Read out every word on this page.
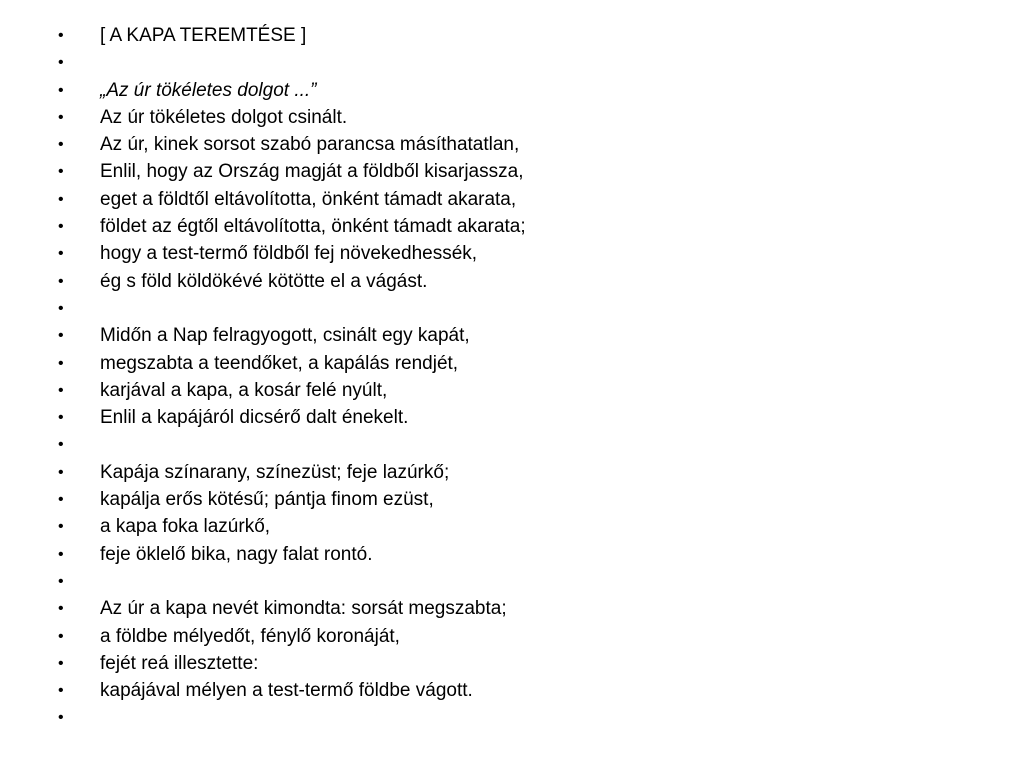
•	[ A KAPA TEREMTÉSE ]
•
•	„Az úr tökéletes dolgot ...”
•	Az úr tökéletes dolgot csinált.
•	Az úr, kinek sorsot szabó parancsa másíthatatlan,
•	Enlil, hogy az Ország magját a földből kisarjassza,
•	eget a földtől eltávolította, önként támadt akarata,
•	földet az égtől eltávolította, önként támadt akarata;
•	hogy a test-termő földből fej növekedhessék,
•	ég s föld köldökévé kötötte el a vágást.
•
•	Midőn a Nap felragyogott, csinált egy kapát,
•	megszabta a teendőket, a kapálás rendjét,
•	karjával a kapa, a kosár felé nyúlt,
•	Enlil a kapájáról dicsérő dalt énekelt.
•
•	Kapája színarany, színezüst; feje lazúrkő;
•	kapálja erős kötésű; pántja finom ezüst,
•	a kapa foka lazúrkő,
•	feje öklelő bika, nagy falat rontó.
•
•	Az úr a kapa nevét kimondta: sorsát megszabta;
•	a földbe mélyedőt, fénylő koronáját,
•	fejét reá illesztette:
•	kapájával mélyen a test-termő földbe vágott.
•
